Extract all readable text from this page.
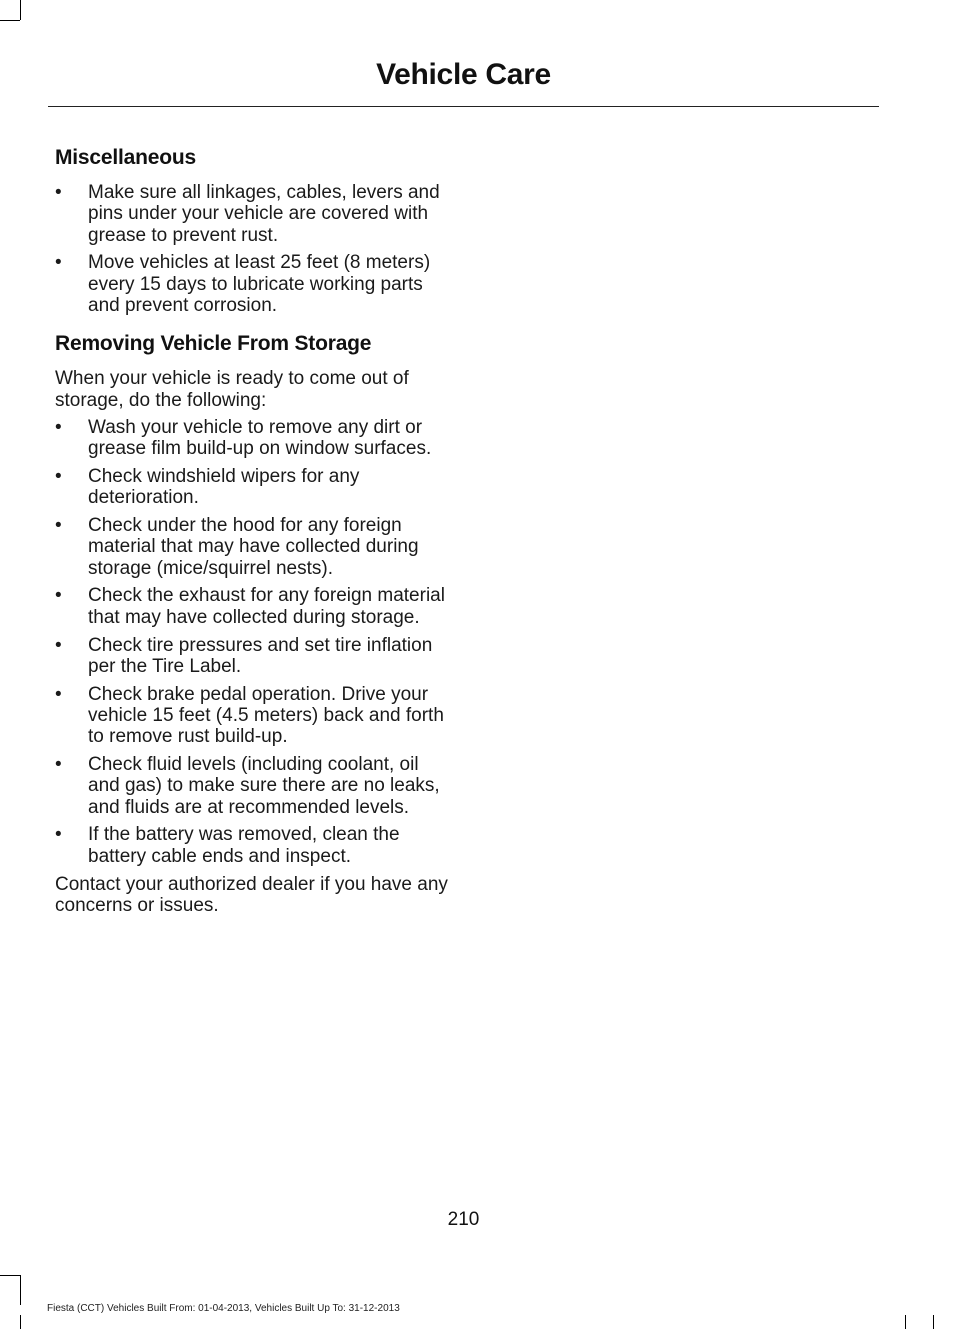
Vehicle Care
Miscellaneous
• Make sure all linkages, cables, levers and pins under your vehicle are covered with grease to prevent rust.
• Move vehicles at least 25 feet (8 meters) every 15 days to lubricate working parts and prevent corrosion.
Removing Vehicle From Storage

When your vehicle is ready to come out of storage, do the following:

• Wash your vehicle to remove any dirt or grease film build-up on window surfaces.
• Check windshield wipers for any deterioration.
• Check under the hood for any foreign material that may have collected during storage (mice/squirrel nests).
• Check the exhaust for any foreign material that may have collected during storage.
• Check tire pressures and set tire inflation per the Tire Label.
• Check brake pedal operation. Drive your vehicle 15 feet (4.5 meters) back and forth to remove rust build-up.
• Check fluid levels (including coolant, oil and gas) to make sure there are no leaks, and fluids are at recommended levels.
• If the battery was removed, clean the battery cable ends and inspect.

Contact your authorized dealer if you have any concerns or issues.

210
Fiesta (CCT) Vehicles Built From: 01-04-2013, Vehicles Built Up To: 31-12-2013
